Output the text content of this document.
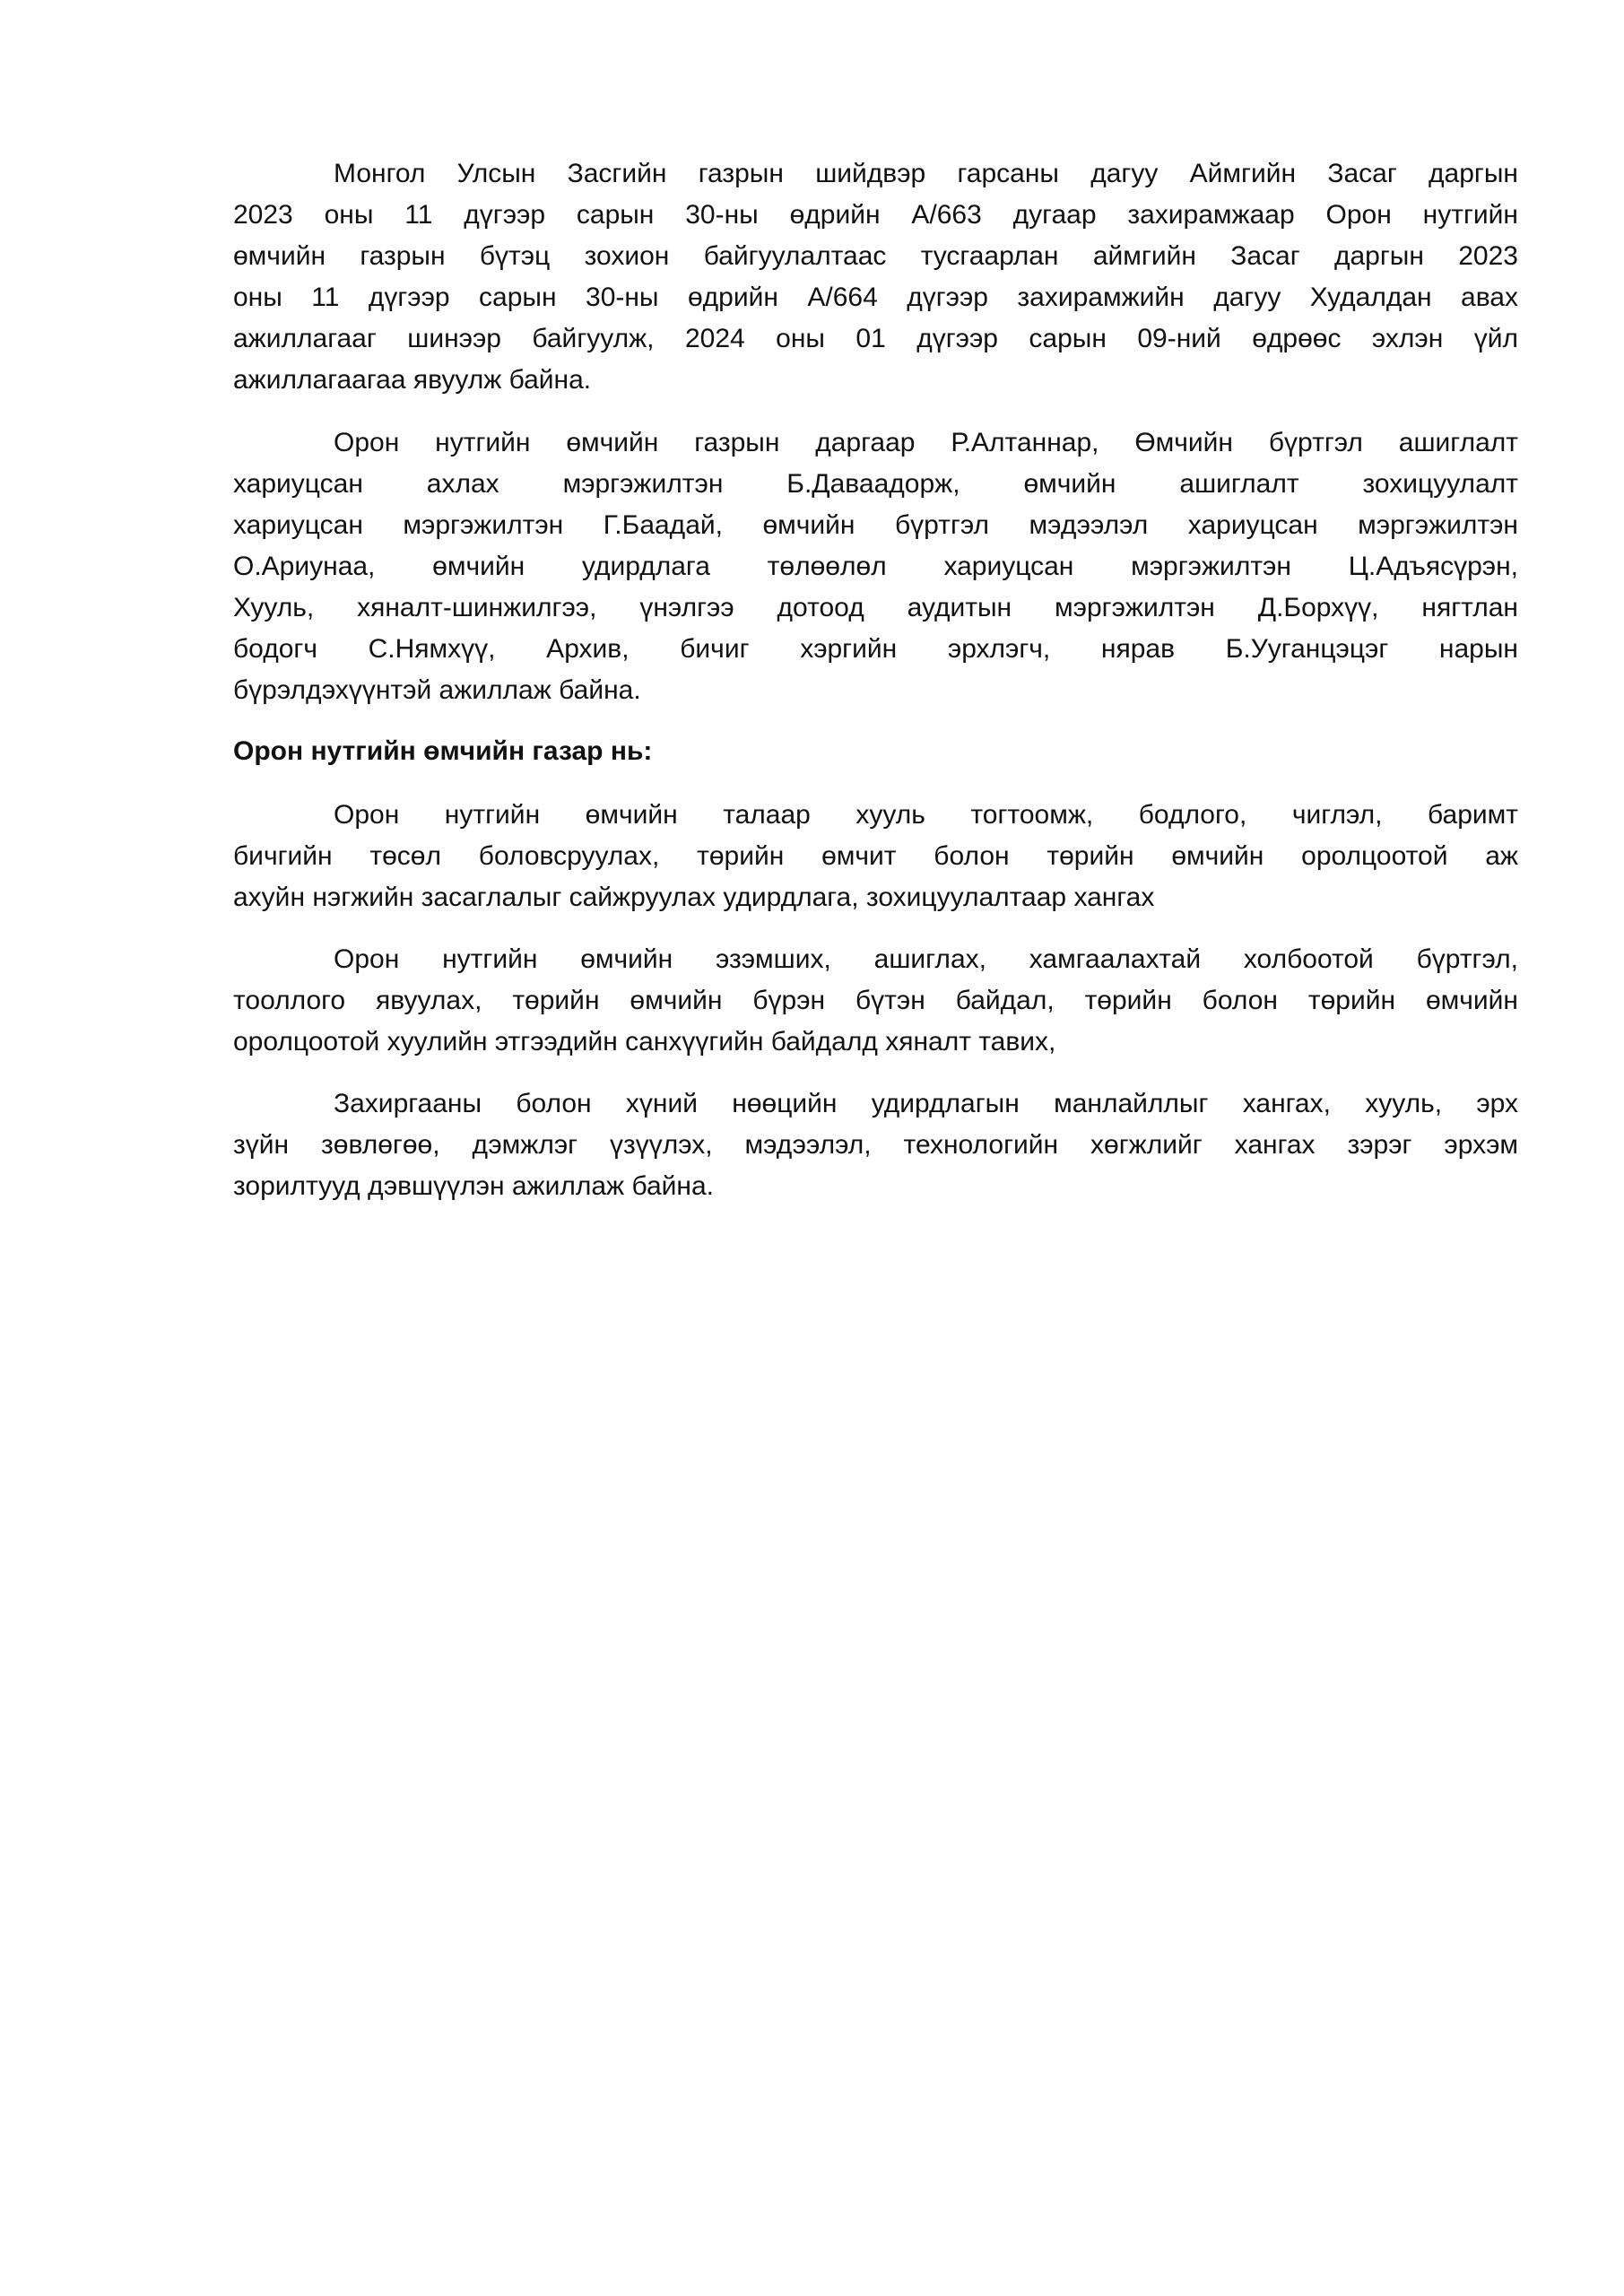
Монгол Улсын Засгийн газрын шийдвэр гарсаны дагуу Аймгийн Засаг даргын
2023 оны 11 дүгээр сарын 30-ны өдрийн А/663 дугаар захирамжаар Орон нутгийн
өмчийн газрын бүтэц зохион байгуулалтаас тусгаарлан аймгийн Засаг даргын 2023
оны 11 дүгээр сарын 30-ны өдрийн А/664 дүгээр захирамжийн дагуу Худалдан авах
ажиллагааг шинээр байгуулж, 2024 оны 01 дүгээр сарын 09-ний өдрөөс эхлэн үйл
ажиллагаагаа явуулж байна.
Орон нутгийн өмчийн газрын даргаар Р.Алтаннар, Өмчийн бүртгэл ашиглалт
хариуцсан ахлах мэргэжилтэн Б.Даваадорж, өмчийн ашиглалт зохицуулалт
хариуцсан мэргэжилтэн Г.Баадай, өмчийн бүртгэл мэдээлэл хариуцсан мэргэжилтэн
О.Ариунаа, өмчийн удирдлага төлөөлөл хариуцсан мэргэжилтэн Ц.Адъясүрэн,
Хууль, хяналт-шинжилгээ, үнэлгээ дотоод аудитын мэргэжилтэн Д.Борхүү, нягтлан
бодогч С.Нямхүү, Архив, бичиг хэргийн эрхлэгч, нярав Б.Ууганцэцэг нарын
бүрэлдэхүүнтэй ажиллаж байна.
Орон нутгийн өмчийн газар нь:
Орон нутгийн өмчийн талаар хууль тогтоомж, бодлого, чиглэл, баримт
бичгийн төсөл боловсруулах, төрийн өмчит болон төрийн өмчийн оролцоотой аж
ахуйн нэгжийн засаглалыг сайжруулах удирдлага, зохицуулалтаар хангах
Орон нутгийн өмчийн эзэмших, ашиглах, хамгаалахтай холбоотой бүртгэл,
тооллого явуулах, төрийн өмчийн бүрэн бүтэн байдал, төрийн болон төрийн өмчийн
оролцоотой хуулийн этгээдийн санхүүгийн байдалд хяналт тавих,
Захиргааны болон хүний нөөцийн удирдлагын манлайллыг хангах, хууль, эрх
зүйн зөвлөгөө, дэмжлэг үзүүлэх, мэдээлэл, технологийн хөгжлийг хангах зэрэг эрхэм
зорилтууд дэвшүүлэн ажиллаж байна.
